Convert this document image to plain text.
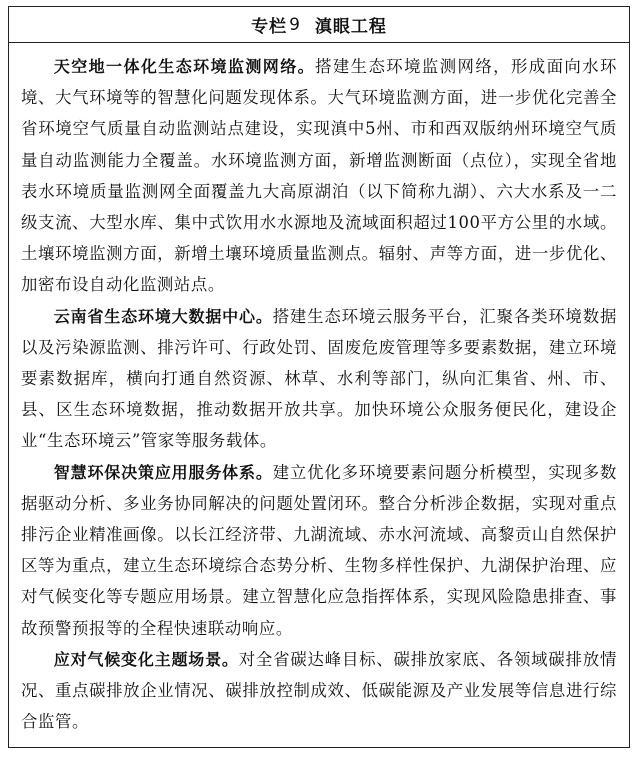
专栏 9 滇眼工程

天空地一体化生态环境监测网络。搭建生态环境监测网络，形成面向水环境、大气环境等的智慧化问题发现体系。大气环境监测方面，进一步优化完善全省环境空气质量自动监测站点建设，实现滇中5州、市和西双版纳州环境空气质量自动监测能力全覆盖。水环境监测方面，新增监测断面（点位），实现全省地表水环境质量监测网全面覆盖九大高原湖泊（以下简称九湖）、六大水系及一二级支流、大型水库、集中式饮用水水源地及流域面积超过100平方公里的水域。土壤环境监测方面，新增土壤环境质量监测点。辐射、声等方面，进一步优化、加密布设自动化监测站点。

云南省生态环境大数据中心。搭建生态环境云服务平台，汇聚各类环境数据以及污染源监测、排污许可、行政处罚、固废危废管理等多要素数据，建立环境要素数据库，横向打通自然资源、林草、水利等部门，纵向汇集省、州、市、县、区生态环境数据，推动数据开放共享。加快环境公众服务便民化，建设企业“生态环境云”管家等服务载体。

智慧环保决策应用服务体系。建立优化多环境要素问题分析模型，实现多数据驱动分析、多业务协同解决的问题处置闭环。整合分析涉企数据，实现对重点排污企业精准画像。以长江经济带、九湖流域、赤水河流域、高黎贡山自然保护区等为重点，建立生态环境综合态势分析、生物多样性保护、九湖保护治理、应对气候变化等专题应用场景。建立智慧化应急指挥体系，实现风险隐患排查、事故预警预报等的全程快速联动响应。

应对气候变化主题场景。对全省碳达峰目标、碳排放家底、各领域碳排放情况、重点碳排放企业情况、碳排放控制成效、低碳能源及产业发展等信息进行综合监管。
